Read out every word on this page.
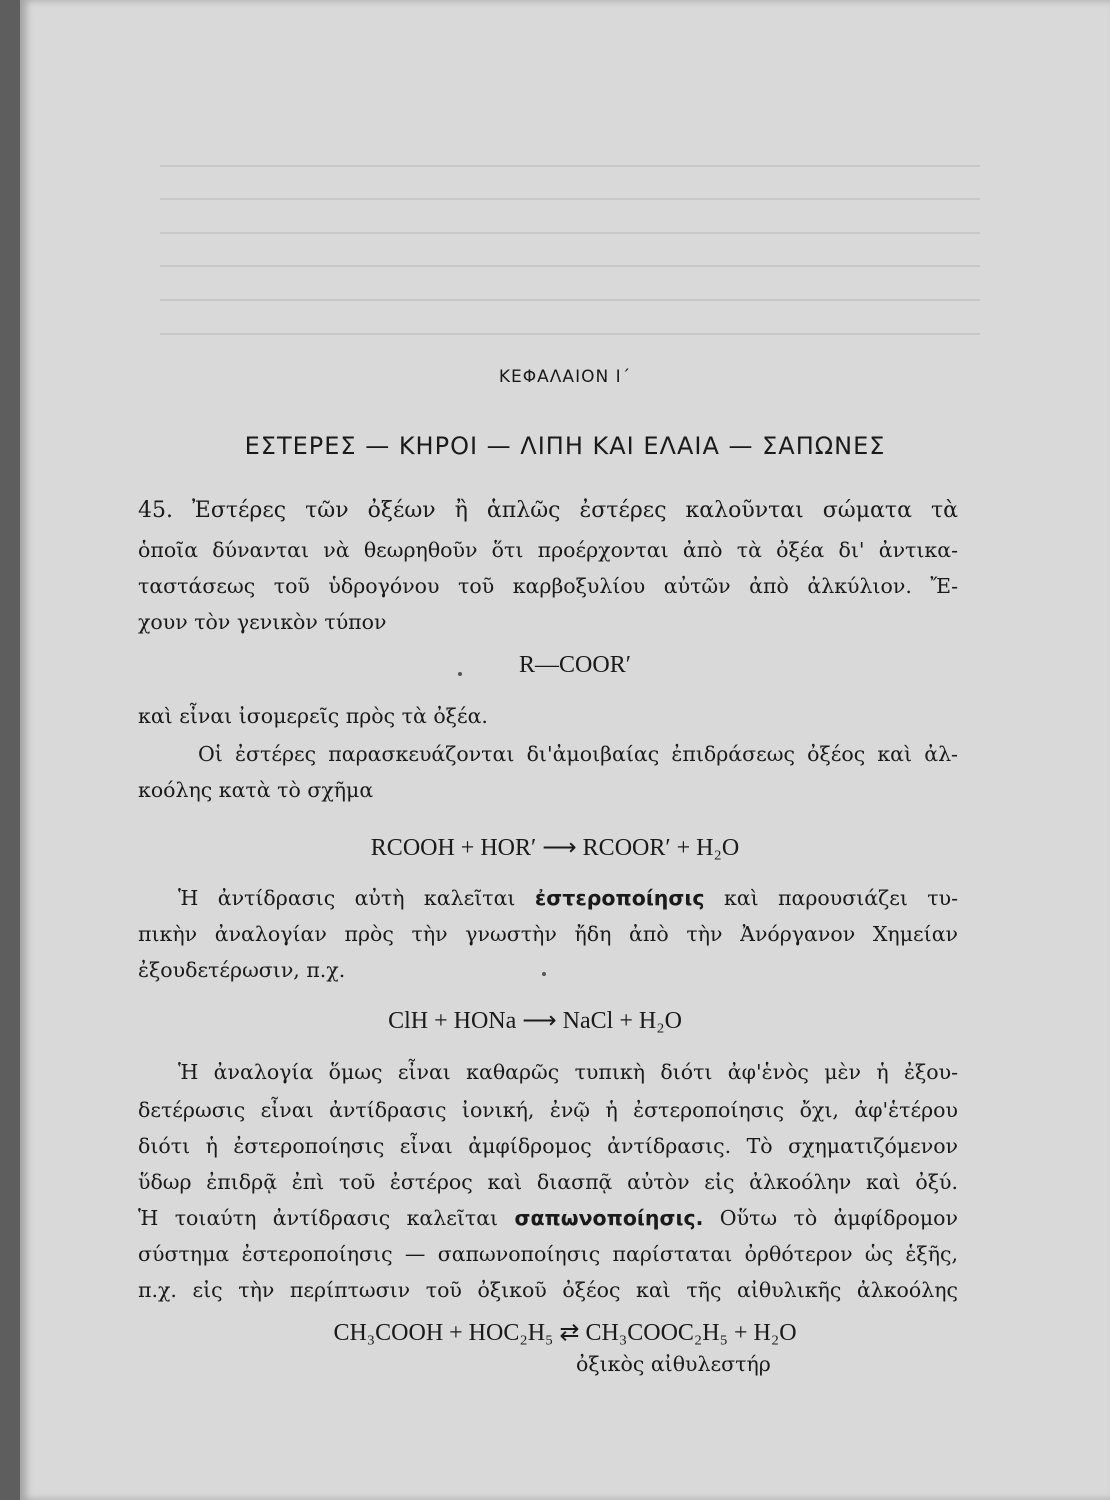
ΚΕΦΑΛΑΙΟΝ Ι΄
ΕΣΤΕΡΕΣ — ΚΗΡΟΙ — ΛΙΠΗ ΚΑΙ ΕΛΑΙΑ — ΣΑΠΩΝΕΣ
45. Ἐστέρες τῶν ὀξέων ἢ ἁπλῶς ἐστέρες καλοῦνται σώματα τὰ
ὁποῖα δύνανται νὰ θεωρηθοῦν ὅτι προέρχονται ἀπὸ τὰ ὀξέα δι' ἀντικα-
ταστάσεως τοῦ ὑδρογόνου τοῦ καρβοξυλίου αὐτῶν ἀπὸ ἀλκύλιον. Ἔ-
χουν τὸν γενικὸν τύπον
R—COOR′
καὶ εἶναι ἰσομερεῖς πρὸς τὰ ὀξέα.
Οἱ ἐστέρες παρασκευάζονται δι'ἀμοιβαίας ἐπιδράσεως ὀξέος καὶ ἀλ-
κοόλης κατὰ τὸ σχῆμα
RCOOH + HOR′ ⟶ RCOOR′ + H₂O
Ἡ ἀντίδρασις αὐτὴ καλεῖται ἐστεροποίησις καὶ παρουσιάζει τυ-
πικὴν ἀναλογίαν πρὸς τὴν γνωστὴν ἤδη ἀπὸ τὴν Ἀνόργανον Χημείαν
ἐξουδετέρωσιν, π.χ.
ClH + HONa ⟶ NaCl + H₂O
Ἡ ἀναλογία ὅμως εἶναι καθαρῶς τυπικὴ διότι ἀφ'ἑνὸς μὲν ἡ ἐξου-
δετέρωσις εἶναι ἀντίδρασις ἰονική, ἐνῷ ἡ ἐστεροποίησις ὄχι, ἀφ'ἑτέρου
διότι ἡ ἐστεροποίησις εἶναι ἀμφίδρομος ἀντίδρασις. Τὸ σχηματιζόμενον
ὕδωρ ἐπιδρᾷ ἐπὶ τοῦ ἐστέρος καὶ διασπᾷ αὐτὸν εἰς ἀλκοόλην καὶ ὀξύ.
Ἡ τοιαύτη ἀντίδρασις καλεῖται σαπωνοποίησις. Οὕτω τὸ ἀμφίδρομον
σύστημα ἐστεροποίησις — σαπωνοποίησις παρίσταται ὀρθότερον ὡς ἑξῆς,
π.χ. εἰς τὴν περίπτωσιν τοῦ ὀξικοῦ ὀξέος καὶ τῆς αἰθυλικῆς ἀλκοόλης
CH₃COOH + HOC₂H₅ ⇄ CH₃COOC₂H₅ + H₂O
ὀξικὸς αἰθυλεστήρ
